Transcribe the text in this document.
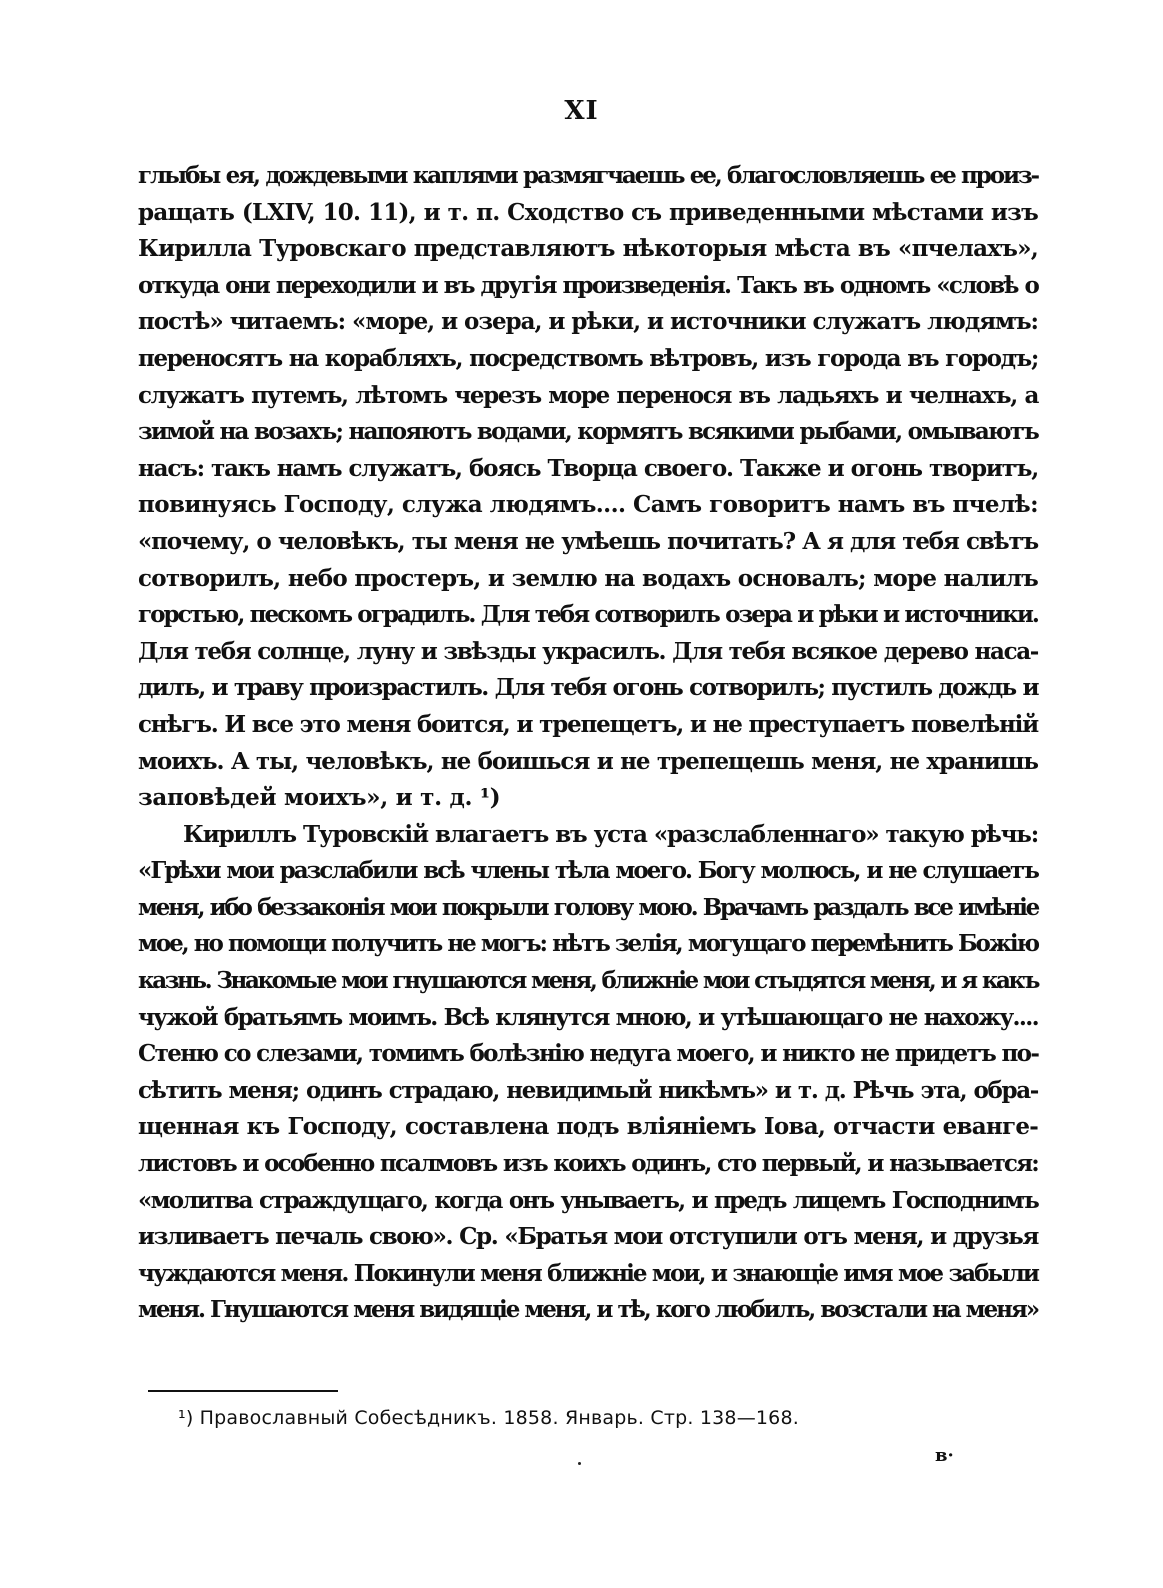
XI
глыбы ея, дождевыми каплями размягчаешь ее, благословляешь ее произ-
ращать (LXIV, 10. 11), и т. п. Сходство съ приведенными мѣстами изъ
Кирилла Туровскаго представляютъ нѣкоторыя мѣста въ «пчелахъ»,
откуда они переходили и въ другія произведенія. Такъ въ одномъ «словѣ о
постѣ» читаемъ: «море, и озера, и рѣки, и источники служатъ людямъ:
переносятъ на корабляхъ, посредствомъ вѣтровъ, изъ города въ городъ;
служатъ путемъ, лѣтомъ черезъ море перенося въ ладьяхъ и челнахъ, а
зимой на возахъ; напояютъ водами, кормятъ всякими рыбами, омываютъ
насъ: такъ намъ служатъ, боясь Творца своего. Также и огонь творитъ,
повинуясь Господу, служа людямъ.... Самъ говоритъ намъ въ пчелѣ:
«почему, о человѣкъ, ты меня не умѣешь почитать? А я для тебя свѣтъ
сотворилъ, небо простеръ, и землю на водахъ основалъ; море налилъ
горстью, пескомъ оградилъ. Для тебя сотворилъ озера и рѣки и источники.
Для тебя солнце, луну и звѣзды украсилъ. Для тебя всякое дерево наса-
дилъ, и траву произрастилъ. Для тебя огонь сотворилъ; пустилъ дождь и
снѣгъ. И все это меня боится, и трепещетъ, и не преступаетъ повелѣній
моихъ. А ты, человѣкъ, не боишься и не трепещешь меня, не хранишь
заповѣдей моихъ», и т. д. ¹)
Кириллъ Туровскій влагаетъ въ уста «разслабленнаго» такую рѣчь:
«Грѣхи мои разслабили всѣ члены тѣла моего. Богу молюсь, и не слушаетъ
меня, ибо беззаконія мои покрыли голову мою. Врачамъ раздалъ все имѣніе
мое, но помощи получить не могъ: нѣтъ зелія, могущаго перемѣнить Божію
казнь. Знакомые мои гнушаются меня, ближніе мои стыдятся меня, и я какъ
чужой братьямъ моимъ. Всѣ клянутся мною, и утѣшающаго не нахожу....
Стеню со слезами, томимъ болѣзнію недуга моего, и никто не придетъ по-
сѣтить меня; одинъ страдаю, невидимый никѣмъ» и т. д. Рѣчь эта, обра-
щенная къ Господу, составлена подъ вліяніемъ Іова, отчасти еванге-
листовъ и особенно псалмовъ изъ коихъ одинъ, сто первый, и называется:
«молитва страждущаго, когда онъ унываетъ, и предъ лицемъ Господнимъ
изливаетъ печаль свою». Ср. «Братья мои отступили отъ меня, и друзья
чуждаются меня. Покинули меня ближніе мои, и знающіе имя мое забыли
меня. Гнушаются меня видящіе меня, и тѣ, кого любилъ, возстали на меня»
¹) Православный Собесѣдникъ. 1858. Январь. Стр. 138—168.
в·
